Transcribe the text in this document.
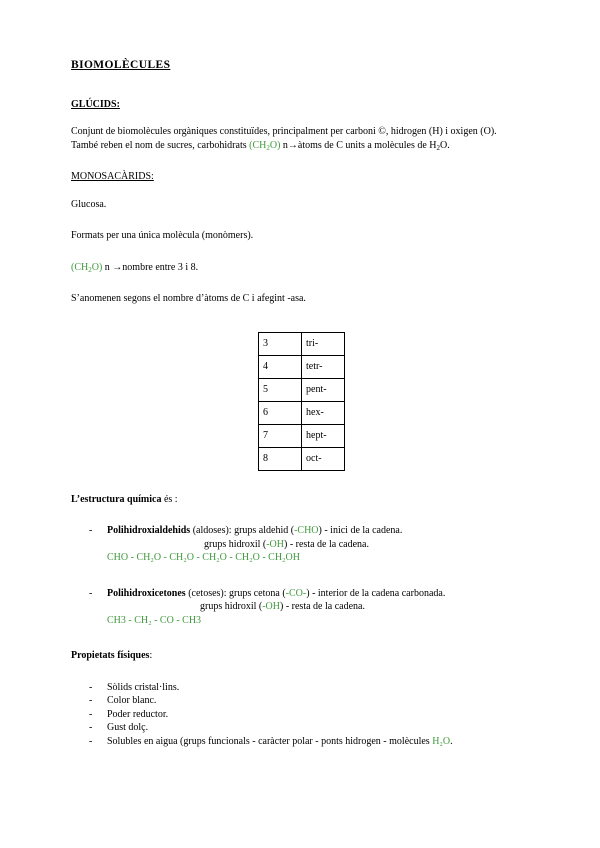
BIOMOLÈCULES

GLÚCIDS:

Conjunt de biomolècules orgàniques constituïdes, principalment per carboni ©, hidrogen (H) i oxigen (O).

També reben el nom de sucres, carbohidrats $(CH_2O)$ n→àtoms de C units a molècules de $H_2O$.

MONOSACÀRIDS:

Glucosa.

Formats per una única molècula (monòmers).

$(CH_2O)$ n →nombre entre 3 i 8.

S’anomenen segons el nombre d’àtoms de C i afegint -asa.

3	tri-
4	tetr-
5	pent-
6	hex-
7	hept-
8	oct-

L’estructura química és :

- Polihidroxialdehids (aldoses): grups aldehid (-CHO) - inici de la cadena.

grups hidroxil (-OH) - resta de la cadena.

CHO - CH₂O - CH₂O - CH₂O - CH₂O - CH₂OH

- Polihidroxicetones (cetoses): grups cetona (-CO-) - interior de la cadena carbonada.

grups hidroxil (-OH) - resta de la cadena.

CH3 - CH₂ - CO - CH3

Propietats físiques:

- Sòlids cristal·lins.
- Color blanc.
- Poder reductor.
- Gust dolç.
- Solubles en aigua (grups funcionals - caràcter polar - ponts hidrogen - molècules H₂O.
